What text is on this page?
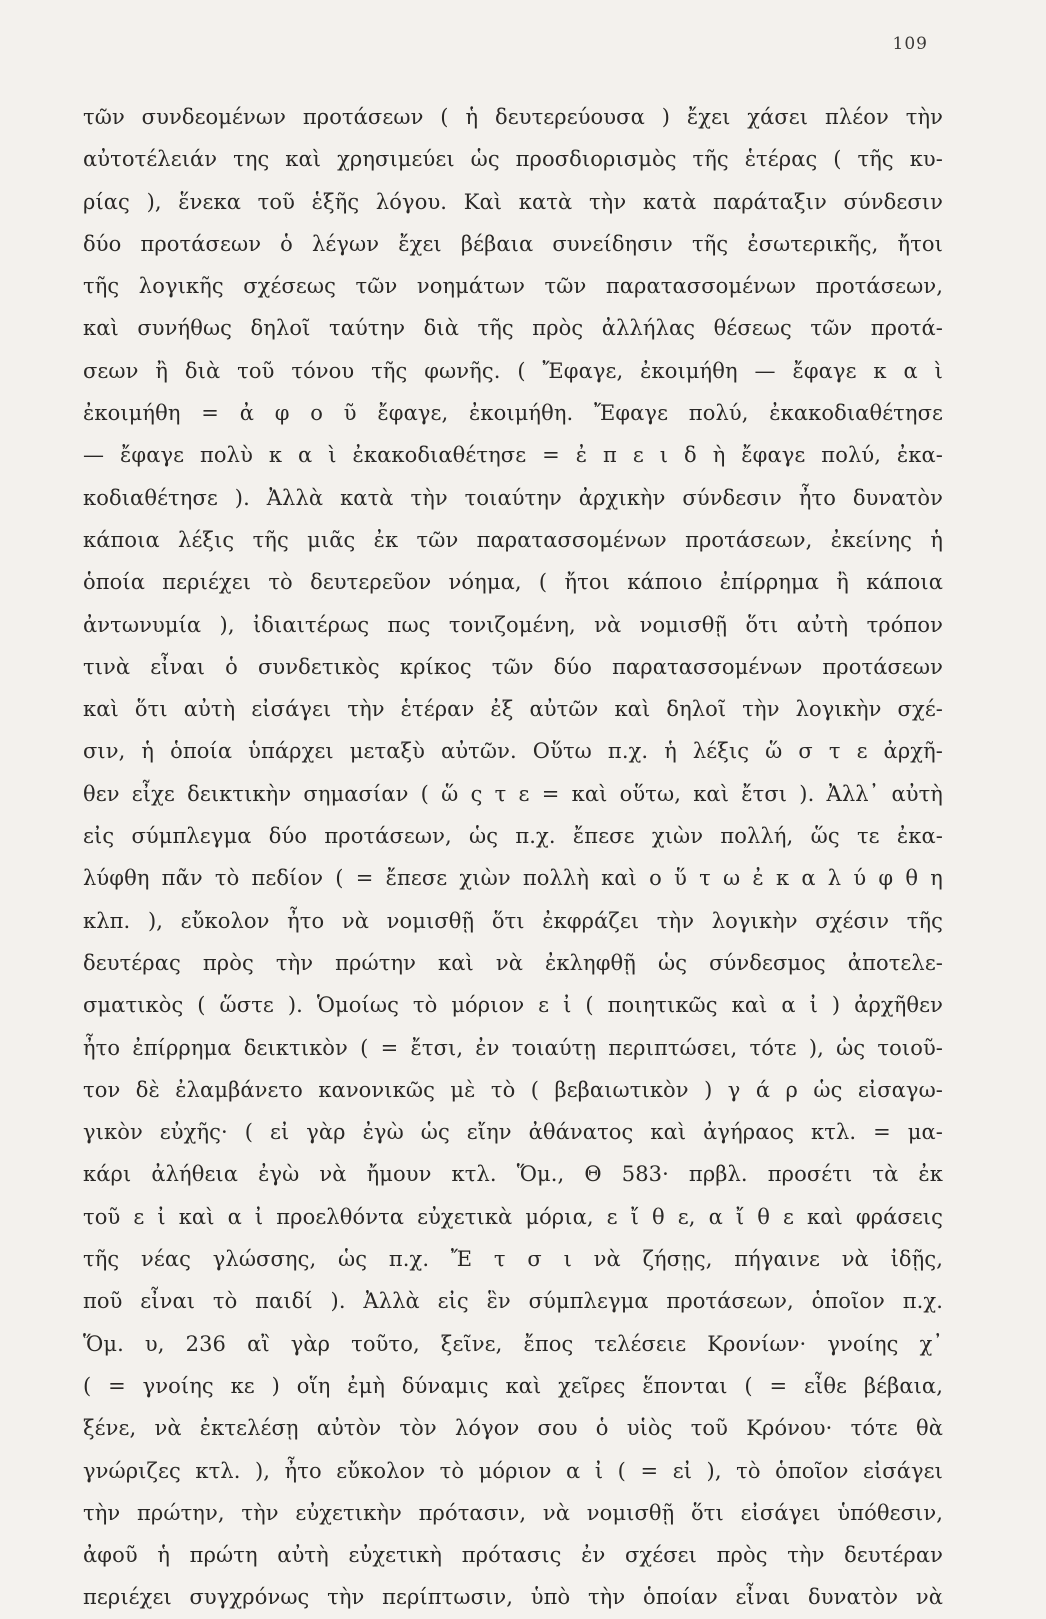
109
τῶν συνδεομένων προτάσεων ( ἡ δευτερεύουσα ) ἔχει χάσει πλέον τὴν
αὐτοτέλειάν της καὶ χρησιμεύει ὡς προσδιορισμὸς τῆς ἑτέρας ( τῆς κυ-
ρίας ), ἕνεκα τοῦ ἑξῆς λόγου. Καὶ κατὰ τὴν κατὰ παράταξιν σύνδεσιν
δύο προτάσεων ὁ λέγων ἔχει βέβαια συνείδησιν τῆς ἐσωτερικῆς, ἤτοι
τῆς λογικῆς σχέσεως τῶν νοημάτων τῶν παρατασσομένων προτάσεων,
καὶ συνήθως δηλοῖ ταύτην διὰ τῆς πρὸς ἀλλήλας θέσεως τῶν προτά-
σεων ἢ διὰ τοῦ τόνου τῆς φωνῆς. ( Ἔφαγε, ἐκοιμήθη — ἔφαγε κ α ὶ
ἐκοιμήθη = ἀ φ ο ῦ ἔφαγε, ἐκοιμήθη. Ἔφαγε πολύ, ἐκακοδιαθέτησε
— ἔφαγε πολὺ κ α ὶ ἐκακοδιαθέτησε = ἐ π ε ι δ ὴ ἔφαγε πολύ, ἐκα-
κοδιαθέτησε ). Ἀλλὰ κατὰ τὴν τοιαύτην ἀρχικὴν σύνδεσιν ἦτο δυνατὸν
κάποια λέξις τῆς μιᾶς ἐκ τῶν παρατασσομένων προτάσεων, ἐκείνης ἡ
ὁποία περιέχει τὸ δευτερεῦον νόημα, ( ἤτοι κάποιο ἐπίρρημα ἢ κάποια
ἀντωνυμία ), ἰδιαιτέρως πως τονιζομένη, νὰ νομισθῇ ὅτι αὐτὴ τρόπον
τινὰ εἶναι ὁ συνδετικὸς κρίκος τῶν δύο παρατασσομένων προτάσεων
καὶ ὅτι αὐτὴ εἰσάγει τὴν ἑτέραν ἐξ αὐτῶν καὶ δηλοῖ τὴν λογικὴν σχέ-
σιν, ἡ ὁποία ὑπάρχει μεταξὺ αὐτῶν. Οὕτω π.χ. ἡ λέξις ὥ σ τ ε ἀρχῆ-
θεν εἶχε δεικτικὴν σημασίαν ( ὥ ς τ ε = καὶ οὕτω, καὶ ἔτσι ). Ἀλλ᾽ αὐτὴ
εἰς σύμπλεγμα δύο προτάσεων, ὡς π.χ. ἔπεσε χιὼν πολλή, ὥς τε ἐκα-
λύφθη πᾶν τὸ πεδίον ( = ἔπεσε χιὼν πολλὴ καὶ ο ὕ τ ω ἐ κ α λ ύ φ θ η
κλπ. ), εὔκολον ἦτο νὰ νομισθῇ ὅτι ἐκφράζει τὴν λογικὴν σχέσιν τῆς
δευτέρας πρὸς τὴν πρώτην καὶ νὰ ἐκληφθῇ ὡς σύνδεσμος ἀποτελε-
σματικὸς ( ὥστε ). Ὁμοίως τὸ μόριον ε ἰ ( ποιητικῶς καὶ α ἰ ) ἀρχῆθεν
ἦτο ἐπίρρημα δεικτικὸν ( = ἔτσι, ἐν τοιαύτῃ περιπτώσει, τότε ), ὡς τοιοῦ-
τον δὲ ἐλαμβάνετο κανονικῶς μὲ τὸ ( βεβαιωτικὸν ) γ ά ρ ὡς εἰσαγω-
γικὸν εὐχῆς· ( εἰ γὰρ ἐγὼ ὡς εἴην ἀθάνατος καὶ ἀγήραος κτλ. = μα-
κάρι ἀλήθεια ἐγὼ νὰ ἤμουν κτλ. Ὅμ., Θ 583· πρβλ. προσέτι τὰ ἐκ
τοῦ ε ἰ καὶ α ἰ προελθόντα εὐχετικὰ μόρια, ε ἴ θ ε, α ἴ θ ε καὶ φράσεις
τῆς νέας γλώσσης, ὡς π.χ. Ἔ τ σ ι νὰ ζήσῃς, πήγαινε νὰ ἰδῇς,
ποῦ εἶναι τὸ παιδί ). Ἀλλὰ εἰς ἓν σύμπλεγμα προτάσεων, ὁποῖον π.χ.
Ὅμ. υ, 236 αἲ γὰρ τοῦτο, ξεῖνε, ἔπος τελέσειε Κρονίων· γνοίης χ᾽
( = γνοίης κε ) οἵη ἐμὴ δύναμις καὶ χεῖρες ἕπονται ( = εἶθε βέβαια,
ξένε, νὰ ἐκτελέσῃ αὐτὸν τὸν λόγον σου ὁ υἱὸς τοῦ Κρόνου· τότε θὰ
γνώριζες κτλ. ), ἦτο εὔκολον τὸ μόριον α ἰ ( = εἰ ), τὸ ὁποῖον εἰσάγει
τὴν πρώτην, τὴν εὐχετικὴν πρότασιν, νὰ νομισθῇ ὅτι εἰσάγει ὑπόθεσιν,
ἀφοῦ ἡ πρώτη αὐτὴ εὐχετικὴ πρότασις ἐν σχέσει πρὸς τὴν δευτέραν
περιέχει συγχρόνως τὴν περίπτωσιν, ὑπὸ τὴν ὁποίαν εἶναι δυνατὸν νὰ
